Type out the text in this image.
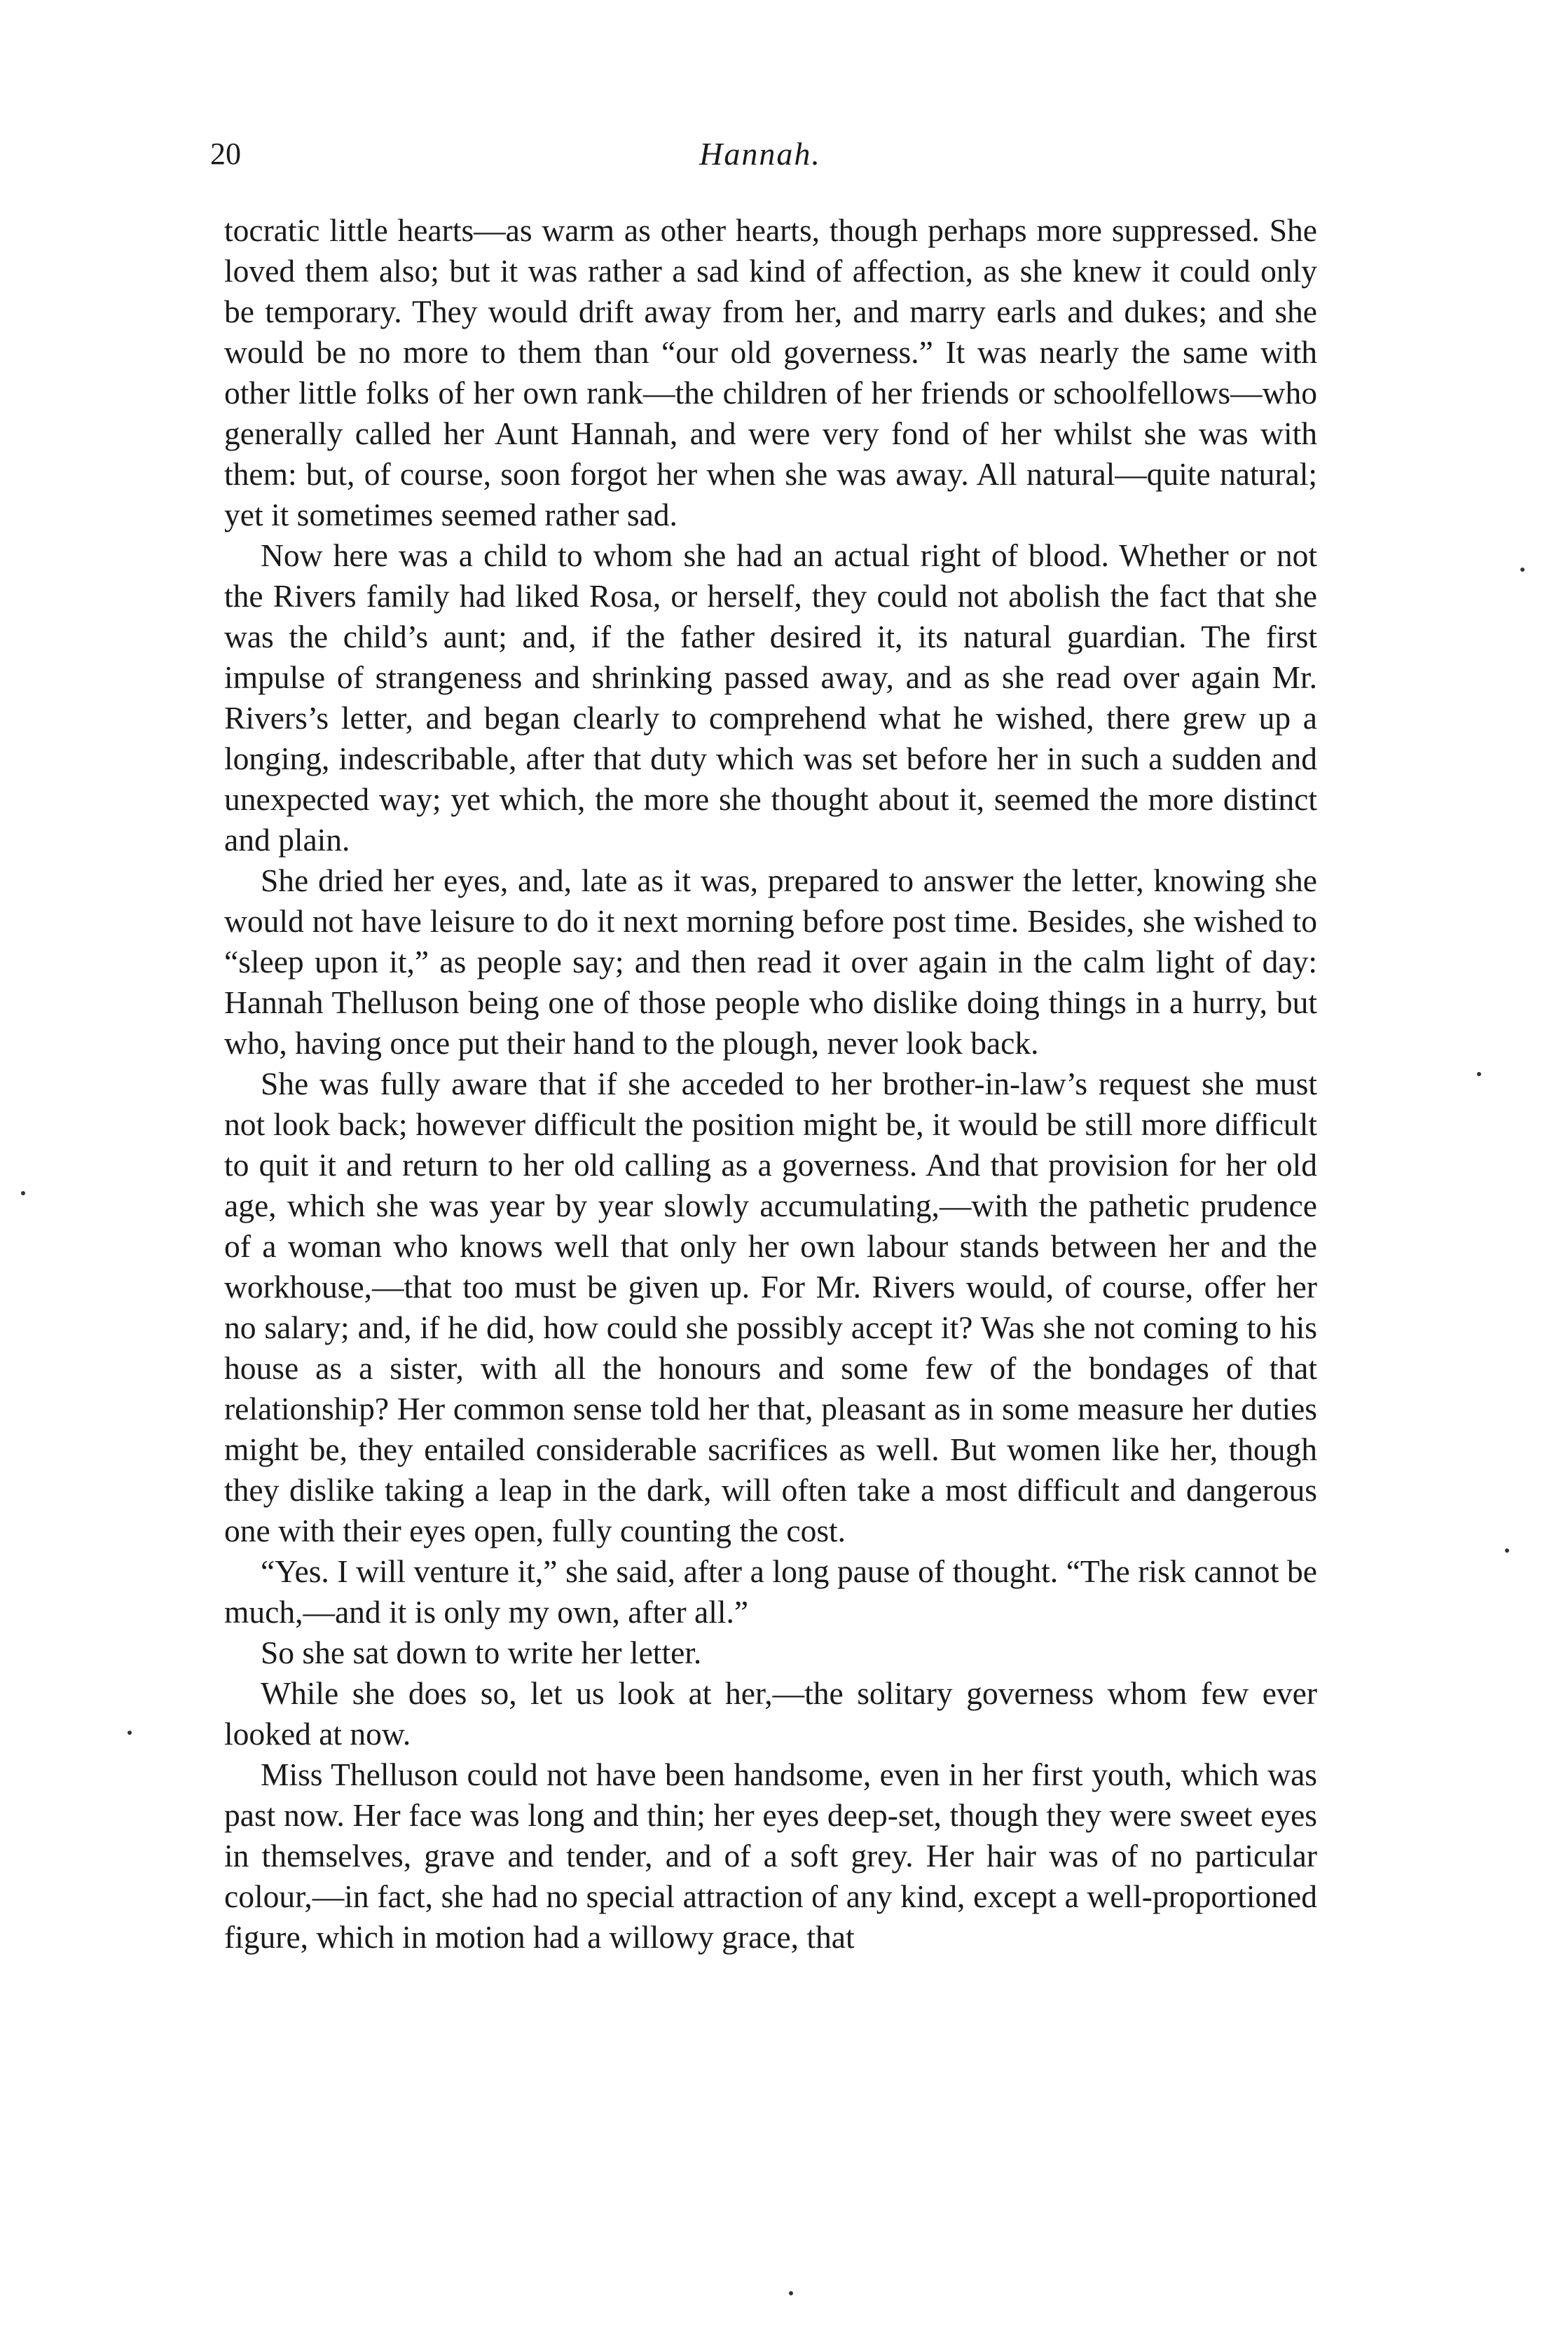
20	Hannah.

tocratic little hearts—as warm as other hearts, though perhaps more suppressed. She loved them also; but it was rather a sad kind of affection, as she knew it could only be temporary. They would drift away from her, and marry earls and dukes; and she would be no more to them than “our old governess.” It was nearly the same with other little folks of her own rank—the children of her friends or schoolfellows—who generally called her Aunt Hannah, and were very fond of her whilst she was with them: but, of course, soon forgot her when she was away. All natural—quite natural; yet it sometimes seemed rather sad.

Now here was a child to whom she had an actual right of blood. Whether or not the Rivers family had liked Rosa, or herself, they could not abolish the fact that she was the child’s aunt; and, if the father desired it, its natural guardian. The first impulse of strangeness and shrinking passed away, and as she read over again Mr. Rivers’s letter, and began clearly to comprehend what he wished, there grew up a longing, indescribable, after that duty which was set before her in such a sudden and unexpected way; yet which, the more she thought about it, seemed the more distinct and plain.

She dried her eyes, and, late as it was, prepared to answer the letter, knowing she would not have leisure to do it next morning before post time. Besides, she wished to “sleep upon it,” as people say; and then read it over again in the calm light of day: Hannah Thelluson being one of those people who dislike doing things in a hurry, but who, having once put their hand to the plough, never look back.

She was fully aware that if she acceded to her brother-in-law’s request she must not look back; however difficult the position might be, it would be still more difficult to quit it and return to her old calling as a governess. And that provision for her old age, which she was year by year slowly accumulating,—with the pathetic prudence of a woman who knows well that only her own labour stands between her and the workhouse,—that too must be given up. For Mr. Rivers would, of course, offer her no salary; and, if he did, how could she possibly accept it? Was she not coming to his house as a sister, with all the honours and some few of the bondages of that relationship? Her common sense told her that, pleasant as in some measure her duties might be, they entailed considerable sacrifices as well. But women like her, though they dislike taking a leap in the dark, will often take a most difficult and dangerous one with their eyes open, fully counting the cost.

“Yes. I will venture it,” she said, after a long pause of thought. “The risk cannot be much,—and it is only my own, after all.”

So she sat down to write her letter.

While she does so, let us look at her,—the solitary governess whom few ever looked at now.

Miss Thelluson could not have been handsome, even in her first youth, which was past now. Her face was long and thin; her eyes deep-set, though they were sweet eyes in themselves, grave and tender, and of a soft grey. Her hair was of no particular colour,—in fact, she had no special attraction of any kind, except a well-proportioned figure, which in motion had a willowy grace, that
